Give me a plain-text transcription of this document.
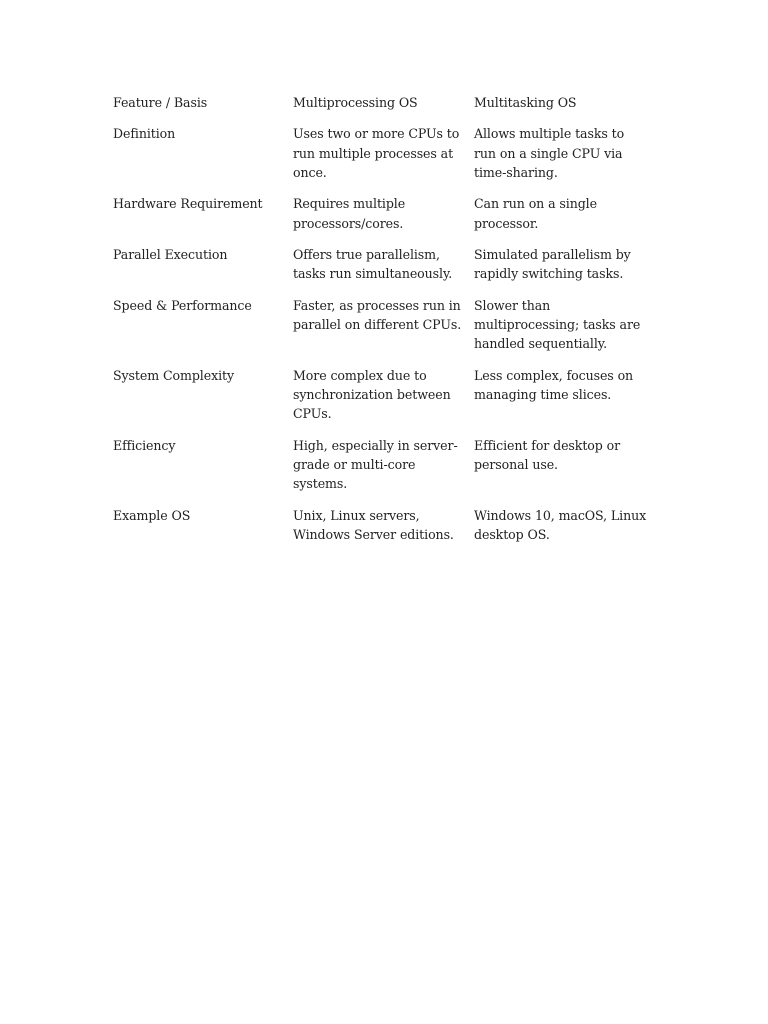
Feature / Basis	Multiprocessing OS	Multitasking OS
Definition	Uses two or more CPUs to run multiple processes at once.	Allows multiple tasks to run on a single CPU via time-sharing.
Hardware Requirement	Requires multiple processors/cores.	Can run on a single processor.
Parallel Execution	Offers true parallelism, tasks run simultaneously.	Simulated parallelism by rapidly switching tasks.
Speed & Performance	Faster, as processes run in parallel on different CPUs.	Slower than multiprocessing; tasks are handled sequentially.
System Complexity	More complex due to synchronization between CPUs.	Less complex, focuses on managing time slices.
Efficiency	High, especially in server-grade or multi-core systems.	Efficient for desktop or personal use.
Example OS	Unix, Linux servers, Windows Server editions.	Windows 10, macOS, Linux desktop OS.
